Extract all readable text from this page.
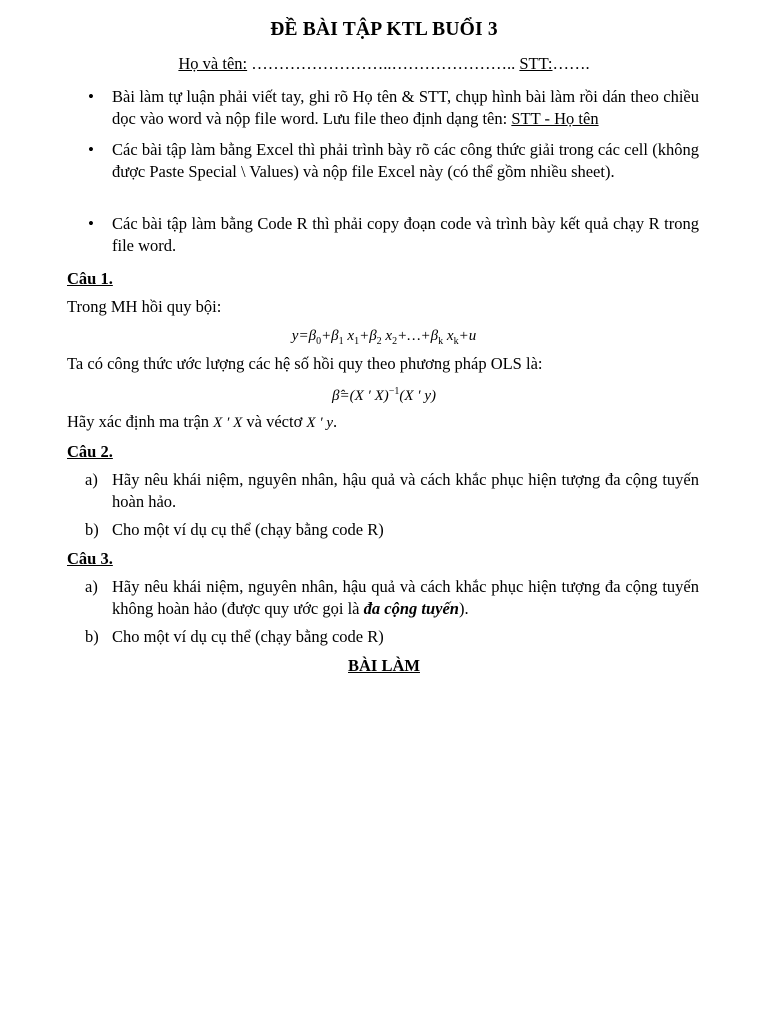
ĐỀ BÀI TẬP KTL BUỔI 3
Họ và tên: ……………………..………………….. STT:…….
• Bài làm tự luận phải viết tay, ghi rõ Họ tên & STT, chụp hình bài làm rồi dán theo chiều dọc vào word và nộp file word. Lưu file theo định dạng tên: STT - Họ tên
• Các bài tập làm bằng Excel thì phải trình bày rõ các công thức giải trong các cell (không được Paste Special \ Values) và nộp file Excel này (có thể gồm nhiều sheet).
• Các bài tập làm bằng Code R thì phải copy đoạn code và trình bày kết quả chạy R trong file word.
Câu 1.
Trong MH hồi quy bội:
$y=\beta_0+\beta_1$ $x_1+\beta_2$ $x_2+\dots+\beta_k$ $x_k+u$
Ta có công thức ước lượng các hệ số hồi quy theo phương pháp OLS là:
β̂=(X ′ X)$^{-1}$(X ′ y)
Hãy xác định ma trận X ′ X và véctơ X ′ y.
Câu 2.
a) Hãy nêu khái niệm, nguyên nhân, hậu quả và cách khắc phục hiện tượng đa cộng tuyến hoàn hảo.
b) Cho một ví dụ cụ thể (chạy bằng code R)
Câu 3.
a) Hãy nêu khái niệm, nguyên nhân, hậu quả và cách khắc phục hiện tượng đa cộng tuyến không hoàn hảo (được quy ước gọi là đa cộng tuyến).
b) Cho một ví dụ cụ thể (chạy bằng code R)
BÀI LÀM
